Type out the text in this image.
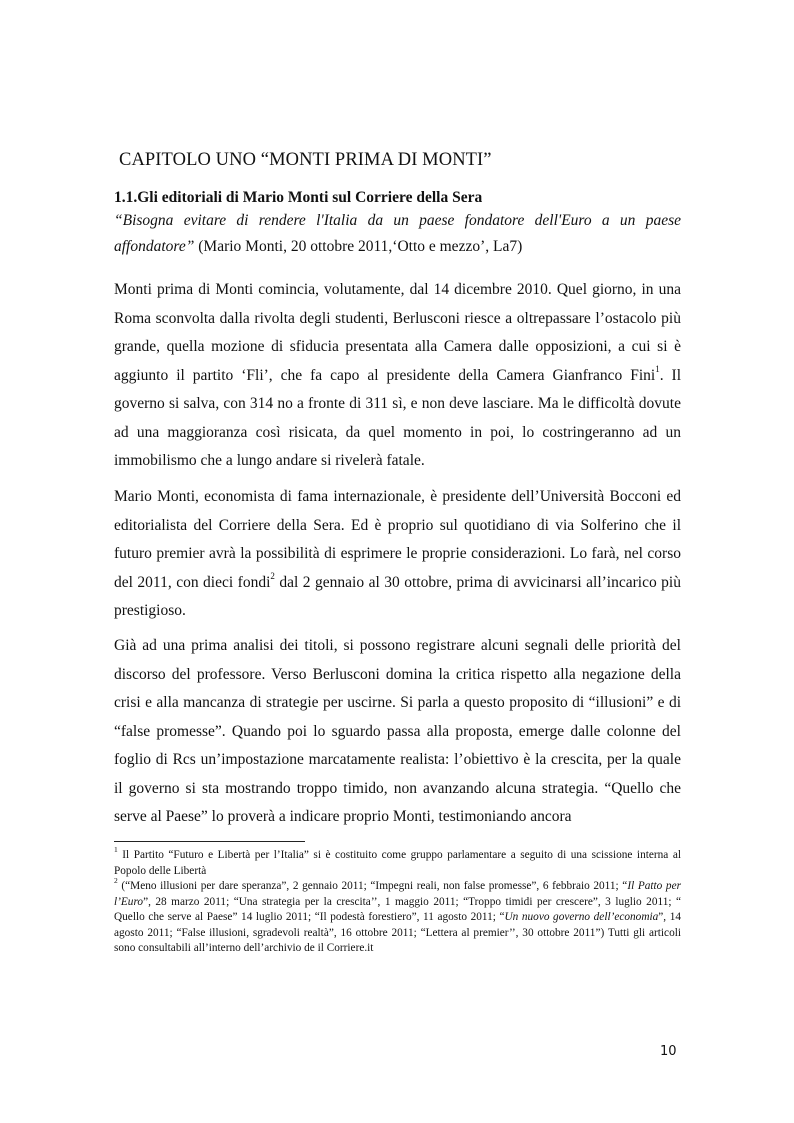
CAPITOLO UNO “MONTI PRIMA DI MONTI”
1.1.Gli editoriali di Mario Monti sul Corriere della Sera
“Bisogna evitare di rendere l'Italia da un paese fondatore dell'Euro a un paese affondatore” (Mario Monti, 20 ottobre 2011,‘Otto e mezzo’, La7)
Monti prima di Monti comincia, volutamente, dal 14 dicembre 2010. Quel giorno, in una Roma sconvolta dalla rivolta degli studenti, Berlusconi riesce a oltrepassare l’ostacolo più grande, quella mozione di sfiducia presentata alla Camera dalle opposizioni, a cui si è aggiunto il partito ‘Fli’, che fa capo al presidente della Camera Gianfranco Fini$^1$. Il governo si salva, con 314 no a fronte di 311 sì, e non deve lasciare. Ma le difficoltà dovute ad una maggioranza così risicata, da quel momento in poi, lo costringeranno ad un immobilismo che a lungo andare si rivelerà fatale.
Mario Monti, economista di fama internazionale, è presidente dell’Università Bocconi ed editorialista del Corriere della Sera. Ed è proprio sul quotidiano di via Solferino che il futuro premier avrà la possibilità di esprimere le proprie considerazioni. Lo farà, nel corso del 2011, con dieci fondi$^2$ dal 2 gennaio al 30 ottobre, prima di avvicinarsi all’incarico più prestigioso.
Già ad una prima analisi dei titoli, si possono registrare alcuni segnali delle priorità del discorso del professore. Verso Berlusconi domina la critica rispetto alla negazione della crisi e alla mancanza di strategie per uscirne. Si parla a questo proposito di “illusioni” e di “false promesse”. Quando poi lo sguardo passa alla proposta, emerge dalle colonne del foglio di Rcs un’impostazione marcatamente realista: l’obiettivo è la crescita, per la quale il governo si sta mostrando troppo timido, non avanzando alcuna strategia. “Quello che serve al Paese” lo proverà a indicare proprio Monti, testimoniando ancora

$^1$ Il Partito “Futuro e Libertà per l’Italia” si è costituito come gruppo parlamentare a seguito di una scissione interna al Popolo delle Libertà

$^2$ (“Meno illusioni per dare speranza”, 2 gennaio 2011; “Impegni reali, non false promesse”, 6 febbraio 2011; “Il Patto per l’Euro”, 28 marzo 2011; “Una strategia per la crescita’’, 1 maggio 2011; “Troppo timidi per crescere”, 3 luglio 2011; “ Quello che serve al Paese” 14 luglio 2011; “Il podestà forestiero”, 11 agosto 2011; “Un nuovo governo dell’economia”, 14 agosto 2011; “False illusioni, sgradevoli realtà”, 16 ottobre 2011; “Lettera al premier’’, 30 ottobre 2011”) Tutti gli articoli sono consultabili all’interno dell’archivio de il Corriere.it

10
